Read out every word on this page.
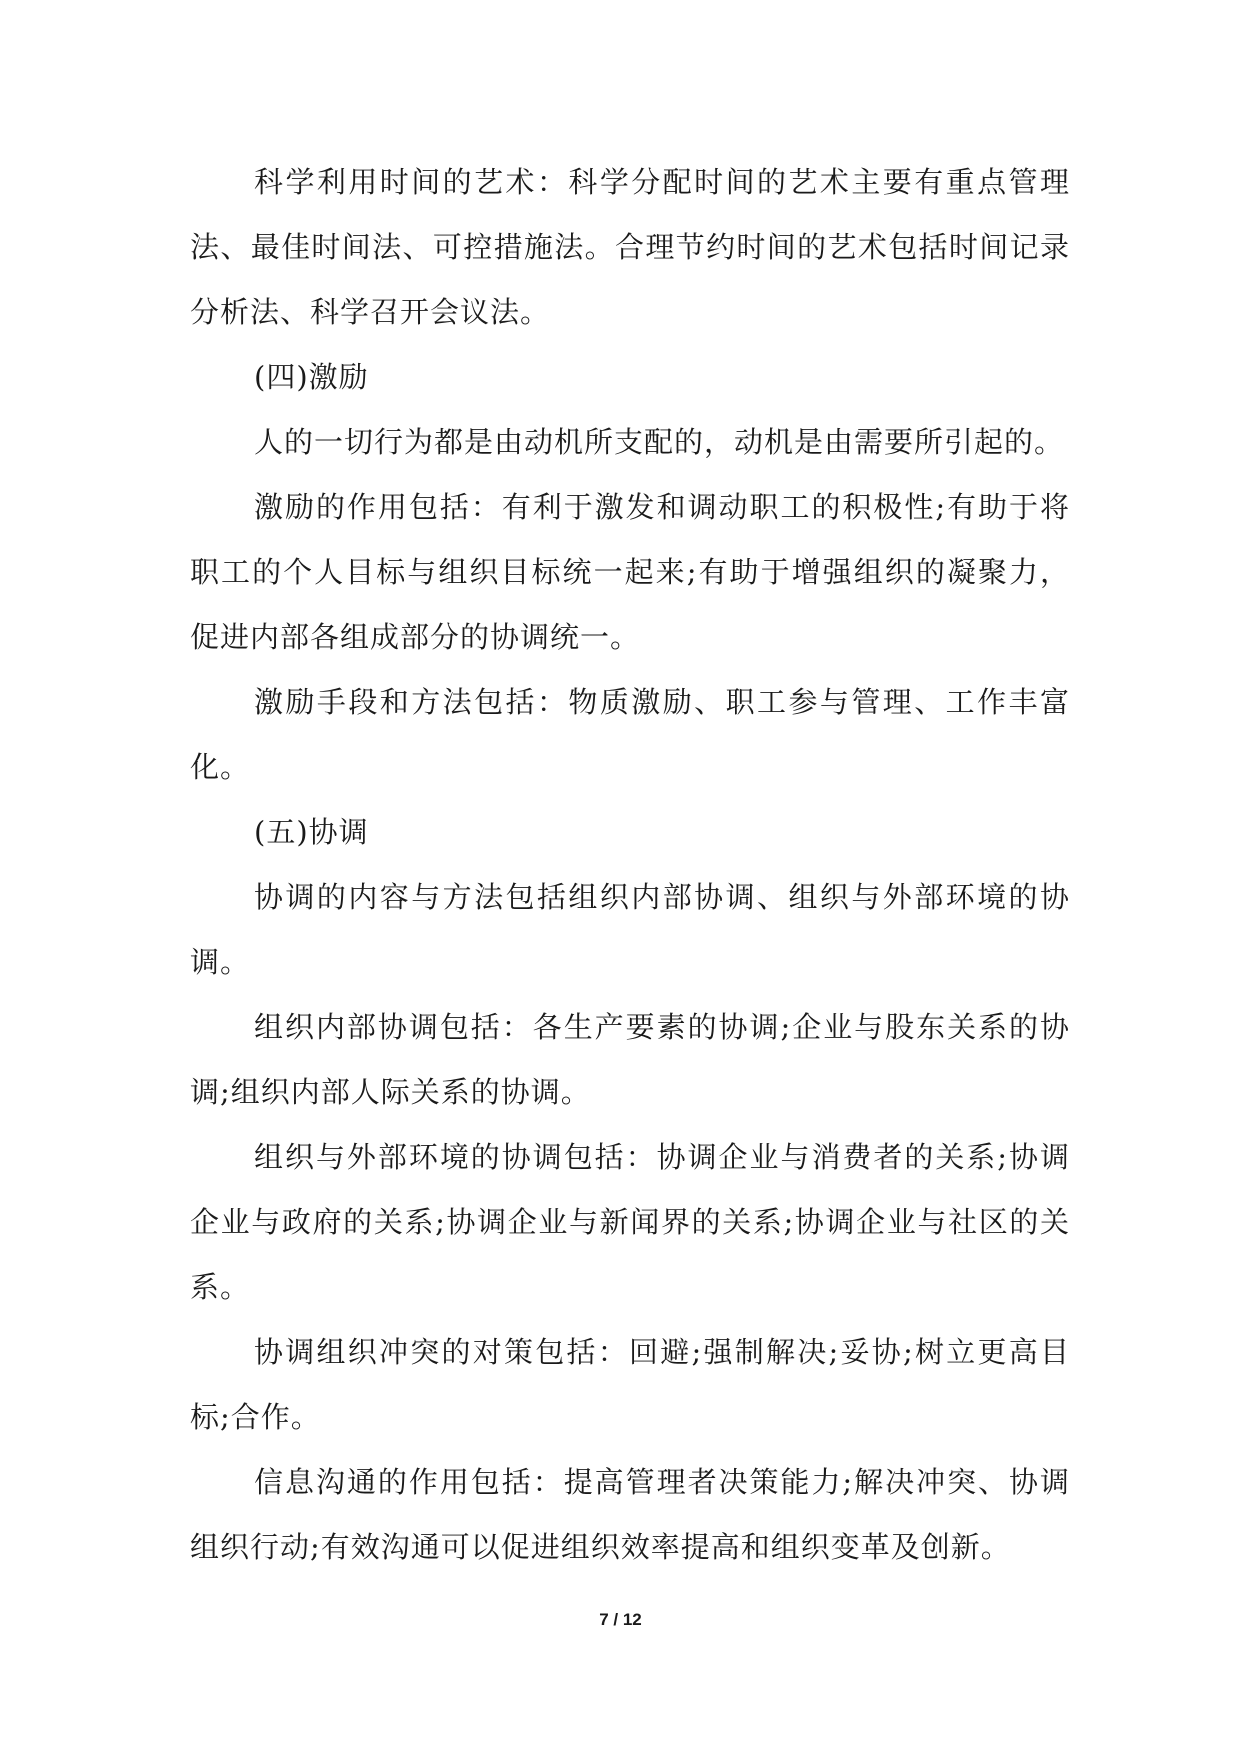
科学利用时间的艺术：科学分配时间的艺术主要有重点管理法、最佳时间法、可控措施法。合理节约时间的艺术包括时间记录分析法、科学召开会议法。

(四)激励

人的一切行为都是由动机所支配的，动机是由需要所引起的。

激励的作用包括：有利于激发和调动职工的积极性;有助于将职工的个人目标与组织目标统一起来;有助于增强组织的凝聚力，促进内部各组成部分的协调统一。

激励手段和方法包括：物质激励、职工参与管理、工作丰富化。

(五)协调

协调的内容与方法包括组织内部协调、组织与外部环境的协调。

组织内部协调包括：各生产要素的协调;企业与股东关系的协调;组织内部人际关系的协调。

组织与外部环境的协调包括：协调企业与消费者的关系;协调企业与政府的关系;协调企业与新闻界的关系;协调企业与社区的关系。

协调组织冲突的对策包括：回避;强制解决;妥协;树立更高目标;合作。

信息沟通的作用包括：提高管理者决策能力;解决冲突、协调组织行动;有效沟通可以促进组织效率提高和组织变革及创新。

7 / 12
